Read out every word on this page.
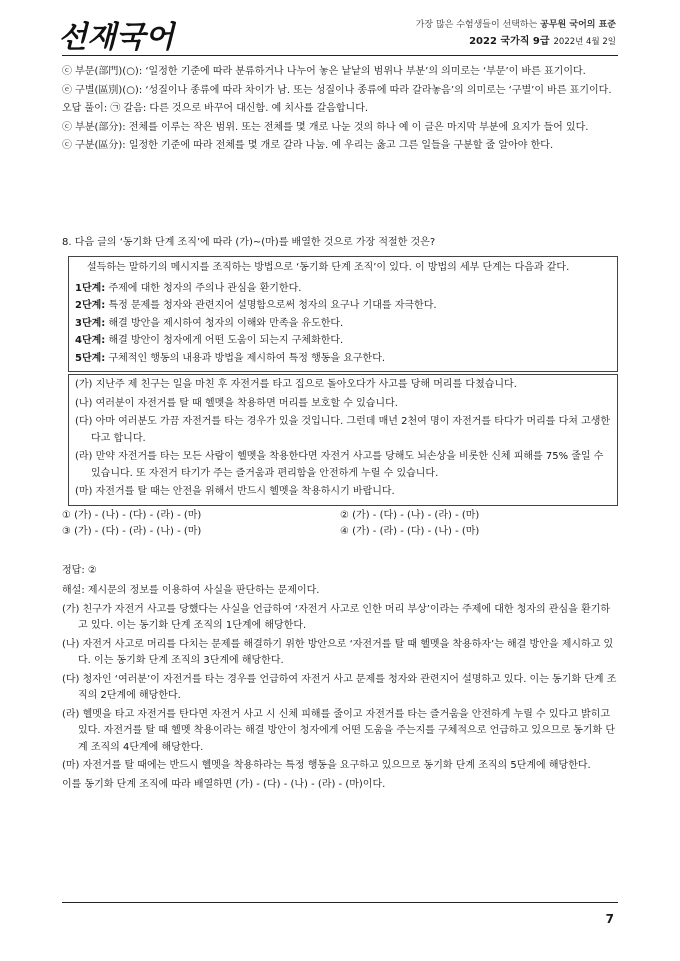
선재국어	가장 많은 수험생들이 선택하는 공무원 국어의 표준
2022 국가직 9급 2022년 4월 2일

ⓒ 부문(部門)(○): ‘일정한 기준에 따라 분류하거나 나누어 놓은 낱낱의 범위나 부분’의 의미로는 ‘부문’이 바른 표기이다.

ⓔ 구별(區別)(○): ‘성질이나 종류에 따라 차이가 남. 또는 성질이나 종류에 따라 갈라놓음’의 의미로는 ‘구별’이 바른 표기이다.

오답 풀이: ㉠ 갈음: 다른 것으로 바꾸어 대신함. 예 치사를 갈음합니다.

ⓒ 부분(部分): 전체를 이루는 작은 범위. 또는 전체를 몇 개로 나눈 것의 하나 예 이 글은 마지막 부분에 요지가 들어 있다.

ⓒ 구분(區分): 일정한 기준에 따라 전체를 몇 개로 갈라 나눔. 예 우리는 옳고 그른 일들을 구분할 줄 알아야 한다.

8. 다음 글의 ‘동기화 단계 조직’에 따라 (가)~(마)를 배열한 것으로 가장 적절한 것은?

설득하는 말하기의 메시지를 조직하는 방법으로 ‘동기화 단계 조직’이 있다. 이 방법의 세부 단계는 다음과 같다.
1단계: 주제에 대한 청자의 주의나 관심을 환기한다.
2단계: 특정 문제를 청자와 관련지어 설명함으로써 청자의 요구나 기대를 자극한다.
3단계: 해결 방안을 제시하여 청자의 이해와 만족을 유도한다.
4단계: 해결 방안이 청자에게 어떤 도움이 되는지 구체화한다.
5단계: 구체적인 행동의 내용과 방법을 제시하여 특정 행동을 요구한다.

(가) 지난주 제 친구는 일을 마친 후 자전거를 타고 집으로 돌아오다가 사고를 당해 머리를 다쳤습니다.

(나) 여러분이 자전거를 탈 때 헬멧을 착용하면 머리를 보호할 수 있습니다.

(다) 아마 여러분도 가끔 자전거를 타는 경우가 있을 것입니다. 그런데 매년 2천여 명이 자전거를 타다가 머리를 다쳐 고생한다고 합니다.

(라) 만약 자전거를 타는 모든 사람이 헬멧을 착용한다면 자전거 사고를 당해도 뇌손상을 비롯한 신체 피해를 75% 줄일 수 있습니다. 또 자전거 타기가 주는 즐거움과 편리함을 안전하게 누릴 수 있습니다.

(마) 자전거를 탈 때는 안전을 위해서 반드시 헬멧을 착용하시기 바랍니다.

① (가) - (나) - (다) - (라) - (마)	② (가) - (다) - (나) - (라) - (마)
③ (가) - (다) - (라) - (나) - (마)	④ (가) - (라) - (다) - (나) - (마)
정답: ②

해설: 제시문의 정보를 이용하여 사실을 판단하는 문제이다.

(가) 친구가 자전거 사고를 당했다는 사실을 언급하여 ‘자전거 사고로 인한 머리 부상’이라는 주제에 대한 청자의 관심을 환기하고 있다. 이는 동기화 단계 조직의 1단계에 해당한다.

(나) 자전거 사고로 머리를 다치는 문제를 해결하기 위한 방안으로 ‘자전거를 탈 때 헬멧을 착용하자’는 해결 방안을 제시하고 있다. 이는 동기화 단계 조직의 3단계에 해당한다.

(다) 청자인 ‘여러분’이 자전거를 타는 경우를 언급하여 자전거 사고 문제를 청자와 관련지어 설명하고 있다. 이는 동기화 단계 조직의 2단계에 해당한다.

(라) 헬멧을 타고 자전거를 탄다면 자전거 사고 시 신체 피해를 줄이고 자전거를 타는 즐거움을 안전하게 누릴 수 있다고 밝히고 있다. 자전거를 탈 때 헬멧 착용이라는 해결 방안이 청자에게 어떤 도움을 주는지를 구체적으로 언급하고 있으므로 동기화 단계 조직의 4단계에 해당한다.

(마) 자전거를 탈 때에는 반드시 헬멧을 착용하라는 특정 행동을 요구하고 있으므로 동기화 단계 조직의 5단계에 해당한다.

이를 동기화 단계 조직에 따라 배열하면 (가) - (다) - (나) - (라) - (마)이다.

7
